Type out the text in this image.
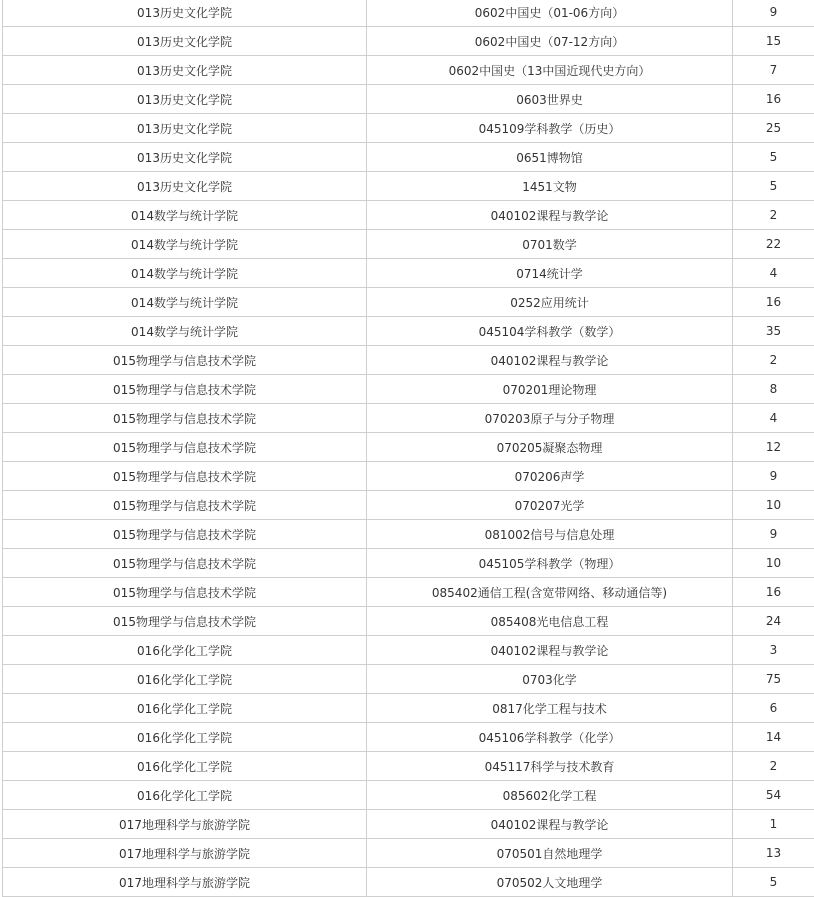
013历史文化学院	0602中国史（01-06方向）	9
013历史文化学院	0602中国史（07-12方向）	15
013历史文化学院	0602中国史（13中国近现代史方向）	7
013历史文化学院	0603世界史	16
013历史文化学院	045109学科教学（历史）	25
013历史文化学院	0651博物馆	5
013历史文化学院	1451文物	5
014数学与统计学院	040102课程与教学论	2
014数学与统计学院	0701数学	22
014数学与统计学院	0714统计学	4
014数学与统计学院	0252应用统计	16
014数学与统计学院	045104学科教学（数学）	35
015物理学与信息技术学院	040102课程与教学论	2
015物理学与信息技术学院	070201理论物理	8
015物理学与信息技术学院	070203原子与分子物理	4
015物理学与信息技术学院	070205凝聚态物理	12
015物理学与信息技术学院	070206声学	9
015物理学与信息技术学院	070207光学	10
015物理学与信息技术学院	081002信号与信息处理	9
015物理学与信息技术学院	045105学科教学（物理）	10
015物理学与信息技术学院	085402通信工程(含宽带网络、移动通信等)	16
015物理学与信息技术学院	085408光电信息工程	24
016化学化工学院	040102课程与教学论	3
016化学化工学院	0703化学	75
016化学化工学院	0817化学工程与技术	6
016化学化工学院	045106学科教学（化学）	14
016化学化工学院	045117科学与技术教育	2
016化学化工学院	085602化学工程	54
017地理科学与旅游学院	040102课程与教学论	1
017地理科学与旅游学院	070501自然地理学	13
017地理科学与旅游学院	070502人文地理学	5
